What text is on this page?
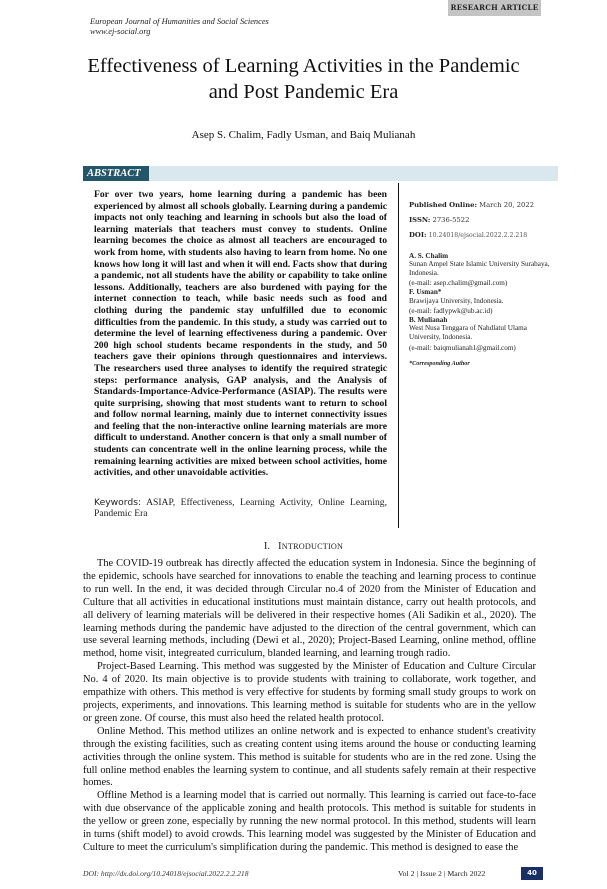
RESEARCH ARTICLE
European Journal of Humanities and Social Sciences
www.ej-social.org
Effectiveness of Learning Activities in the Pandemic
and Post Pandemic Era
Asep S. Chalim, Fadly Usman, and Baiq Mulianah
ABSTRACT

For over two years, home learning during a pandemic has been experienced by almost all schools globally. Learning during a pandemic impacts not only teaching and learning in schools but also the load of learning materials that teachers must convey to students. Online learning becomes the choice as almost all teachers are encouraged to work from home, with students also having to learn from home. No one knows how long it will last and when it will end. Facts show that during a pandemic, not all students have the ability or capability to take online lessons. Additionally, teachers are also burdened with paying for the internet connection to teach, while basic needs such as food and clothing during the pandemic stay unfulfilled due to economic difficulties from the pandemic. In this study, a study was carried out to determine the level of learning effectiveness during a pandemic. Over 200 high school students became respondents in the study, and 50 teachers gave their opinions through questionnaires and interviews. The researchers used three analyses to identify the required strategic steps: performance analysis, GAP analysis, and the Analysis of Standards-Importance-Advice-Performance (ASIAP). The results were quite surprising, showing that most students want to return to school and follow normal learning, mainly due to internet connectivity issues and feeling that the non-interactive online learning materials are more difficult to understand. Another concern is that only a small number of students can concentrate well in the online learning process, while the remaining learning activities are mixed between school activities, home activities, and other unavoidable activities.

Keywords: ASIAP, Effectiveness, Learning Activity, Online Learning, Pandemic Era
Published Online: March 20, 2022
ISSN: 2736-5522
DOI: 10.24018/ejsocial.2022.2.2.218
A. S. Chalim
Sunan Ampel State Islamic University Surabaya, Indonesia.
(e-mail: asep.chalim@gmail.com)
F. Usman*
Brawijaya University, Indonesia.
(e-mail: fadlypwk@ub.ac.id)
B. Mulianah
West Nusa Tenggara of Nahdlatul Ulama University, Indonesia.
(e-mail: baiqmulianah1@gmail.com)
*Corresponding Author
I. INTRODUCTION

The COVID-19 outbreak has directly affected the education system in Indonesia. Since the beginning of the epidemic, schools have searched for innovations to enable the teaching and learning process to continue to run well. In the end, it was decided through Circular no.4 of 2020 from the Minister of Education and Culture that all activities in educational institutions must maintain distance, carry out health protocols, and all delivery of learning materials will be delivered in their respective homes (Ali Sadikin et al., 2020). The learning methods during the pandemic have adjusted to the direction of the central government, which can use several learning methods, including (Dewi et al., 2020); Project-Based Learning, online method, offline method, home visit, integreated curriculum, blanded learning, and learning trough radio.

Project-Based Learning. This method was suggested by the Minister of Education and Culture Circular No. 4 of 2020. Its main objective is to provide students with training to collaborate, work together, and empathize with others. This method is very effective for students by forming small study groups to work on projects, experiments, and innovations. This learning method is suitable for students who are in the yellow or green zone. Of course, this must also heed the related health protocol.

Online Method. This method utilizes an online network and is expected to enhance student's creativity through the existing facilities, such as creating content using items around the house or conducting learning activities through the online system. This method is suitable for students who are in the red zone. Using the full online method enables the learning system to continue, and all students safely remain at their respective homes.

Offline Method is a learning model that is carried out normally. This learning is carried out face-to-face with due observance of the applicable zoning and health protocols. This method is suitable for students in the yellow or green zone, especially by running the new normal protocol. In this method, students will learn in turns (shift model) to avoid crowds. This learning model was suggested by the Minister of Education and Culture to meet the curriculum's simplification during the pandemic. This method is designed to ease the

DOI: http://dx.doi.org/10.24018/ejsocial.2022.2.2.218	Vol 2 | Issue 2 | March 2022	40
